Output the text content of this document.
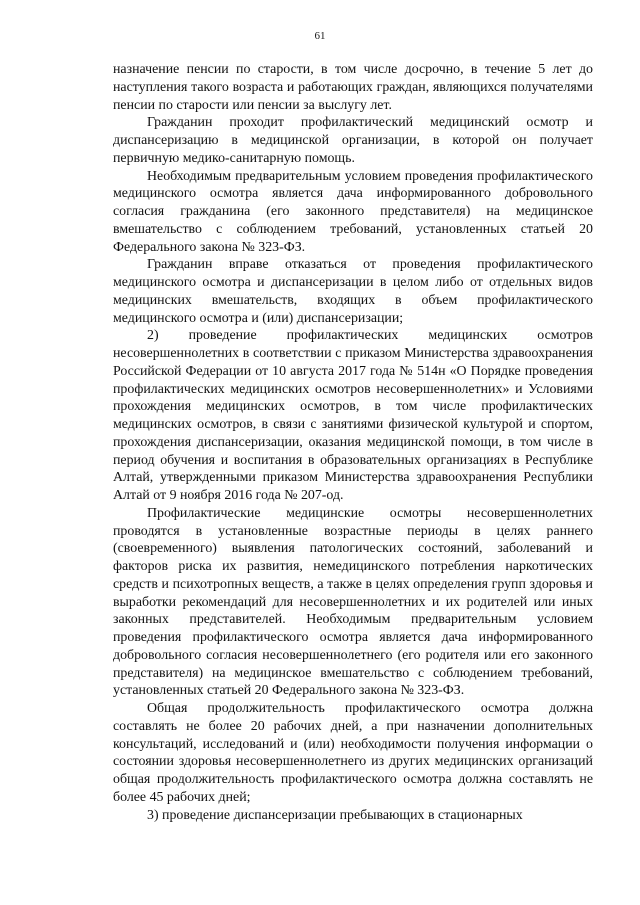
61

назначение пенсии по старости, в том числе досрочно, в течение 5 лет до наступления такого возраста и работающих граждан, являющихся получателями пенсии по старости или пенсии за выслугу лет.

Гражданин проходит профилактический медицинский осмотр и диспансеризацию в медицинской организации, в которой он получает первичную медико-санитарную помощь.

Необходимым предварительным условием проведения профилактического медицинского осмотра является дача информированного добровольного согласия гражданина (его законного представителя) на медицинское вмешательство с соблюдением требований, установленных статьей 20 Федерального закона № 323-ФЗ.

Гражданин вправе отказаться от проведения профилактического медицинского осмотра и диспансеризации в целом либо от отдельных видов медицинских вмешательств, входящих в объем профилактического медицинского осмотра и (или) диспансеризации;

2) проведение профилактических медицинских осмотров несовершеннолетних в соответствии с приказом Министерства здравоохранения Российской Федерации от 10 августа 2017 года № 514н «О Порядке проведения профилактических медицинских осмотров несовершеннолетних» и Условиями прохождения медицинских осмотров, в том числе профилактических медицинских осмотров, в связи с занятиями физической культурой и спортом, прохождения диспансеризации, оказания медицинской помощи, в том числе в период обучения и воспитания в образовательных организациях в Республике Алтай, утвержденными приказом Министерства здравоохранения Республики Алтай от 9 ноября 2016 года № 207-од.

Профилактические медицинские осмотры несовершеннолетних проводятся в установленные возрастные периоды в целях раннего (своевременного) выявления патологических состояний, заболеваний и факторов риска их развития, немедицинского потребления наркотических средств и психотропных веществ, а также в целях определения групп здоровья и выработки рекомендаций для несовершеннолетних и их родителей или иных законных представителей. Необходимым предварительным условием проведения профилактического осмотра является дача информированного добровольного согласия несовершеннолетнего (его родителя или его законного представителя) на медицинское вмешательство с соблюдением требований, установленных статьей 20 Федерального закона № 323-ФЗ.

Общая продолжительность профилактического осмотра должна составлять не более 20 рабочих дней, а при назначении дополнительных консультаций, исследований и (или) необходимости получения информации о состоянии здоровья несовершеннолетнего из других медицинских организаций общая продолжительность профилактического осмотра должна составлять не более 45 рабочих дней;

3) проведение диспансеризации пребывающих в стационарных
